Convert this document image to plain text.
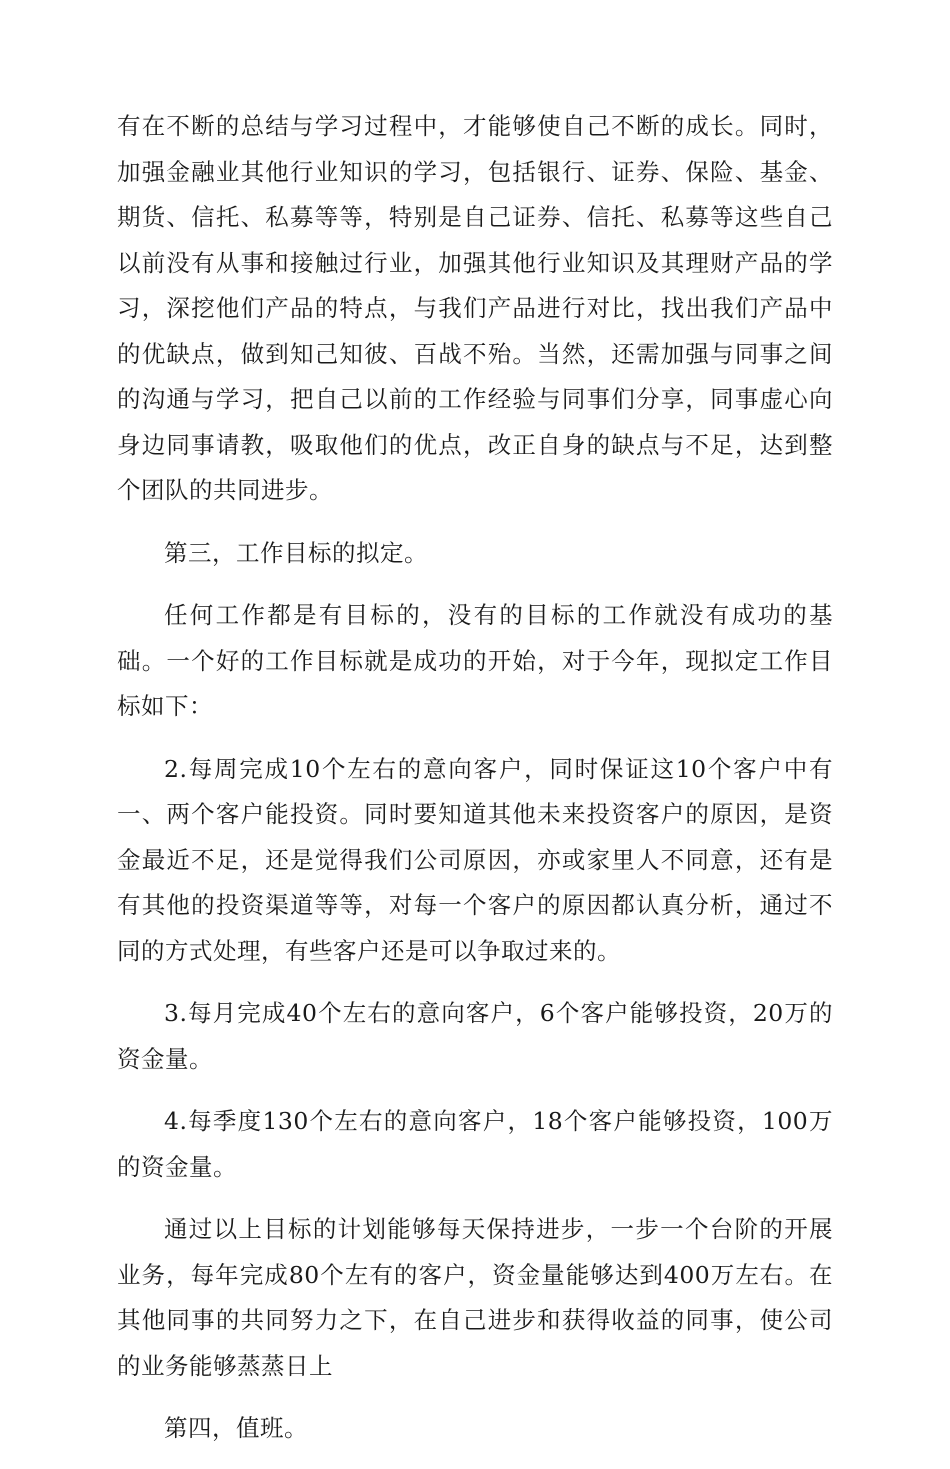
有在不断的总结与学习过程中，才能够使自己不断的成长。同时，加强金融业其他行业知识的学习，包括银行、证券、保险、基金、期货、信托、私募等等，特别是自己证券、信托、私募等这些自己以前没有从事和接触过行业，加强其他行业知识及其理财产品的学习，深挖他们产品的特点，与我们产品进行对比，找出我们产品中的优缺点，做到知己知彼、百战不殆。当然，还需加强与同事之间的沟通与学习，把自己以前的工作经验与同事们分享，同事虚心向身边同事请教，吸取他们的优点，改正自身的缺点与不足，达到整个团队的共同进步。

第三，工作目标的拟定。

任何工作都是有目标的，没有的目标的工作就没有成功的基础。一个好的工作目标就是成功的开始，对于今年，现拟定工作目标如下：

2.每周完成10个左右的意向客户，同时保证这10个客户中有一、两个客户能投资。同时要知道其他未来投资客户的原因，是资金最近不足，还是觉得我们公司原因，亦或家里人不同意，还有是有其他的投资渠道等等，对每一个客户的原因都认真分析，通过不同的方式处理，有些客户还是可以争取过来的。

3.每月完成40个左右的意向客户，6个客户能够投资，20万的资金量。

4.每季度130个左右的意向客户，18个客户能够投资，100万的资金量。

通过以上目标的计划能够每天保持进步，一步一个台阶的开展业务，每年完成80个左有的客户，资金量能够达到400万左右。在其他同事的共同努力之下，在自己进步和获得收益的同事，使公司的业务能够蒸蒸日上

第四，值班。
